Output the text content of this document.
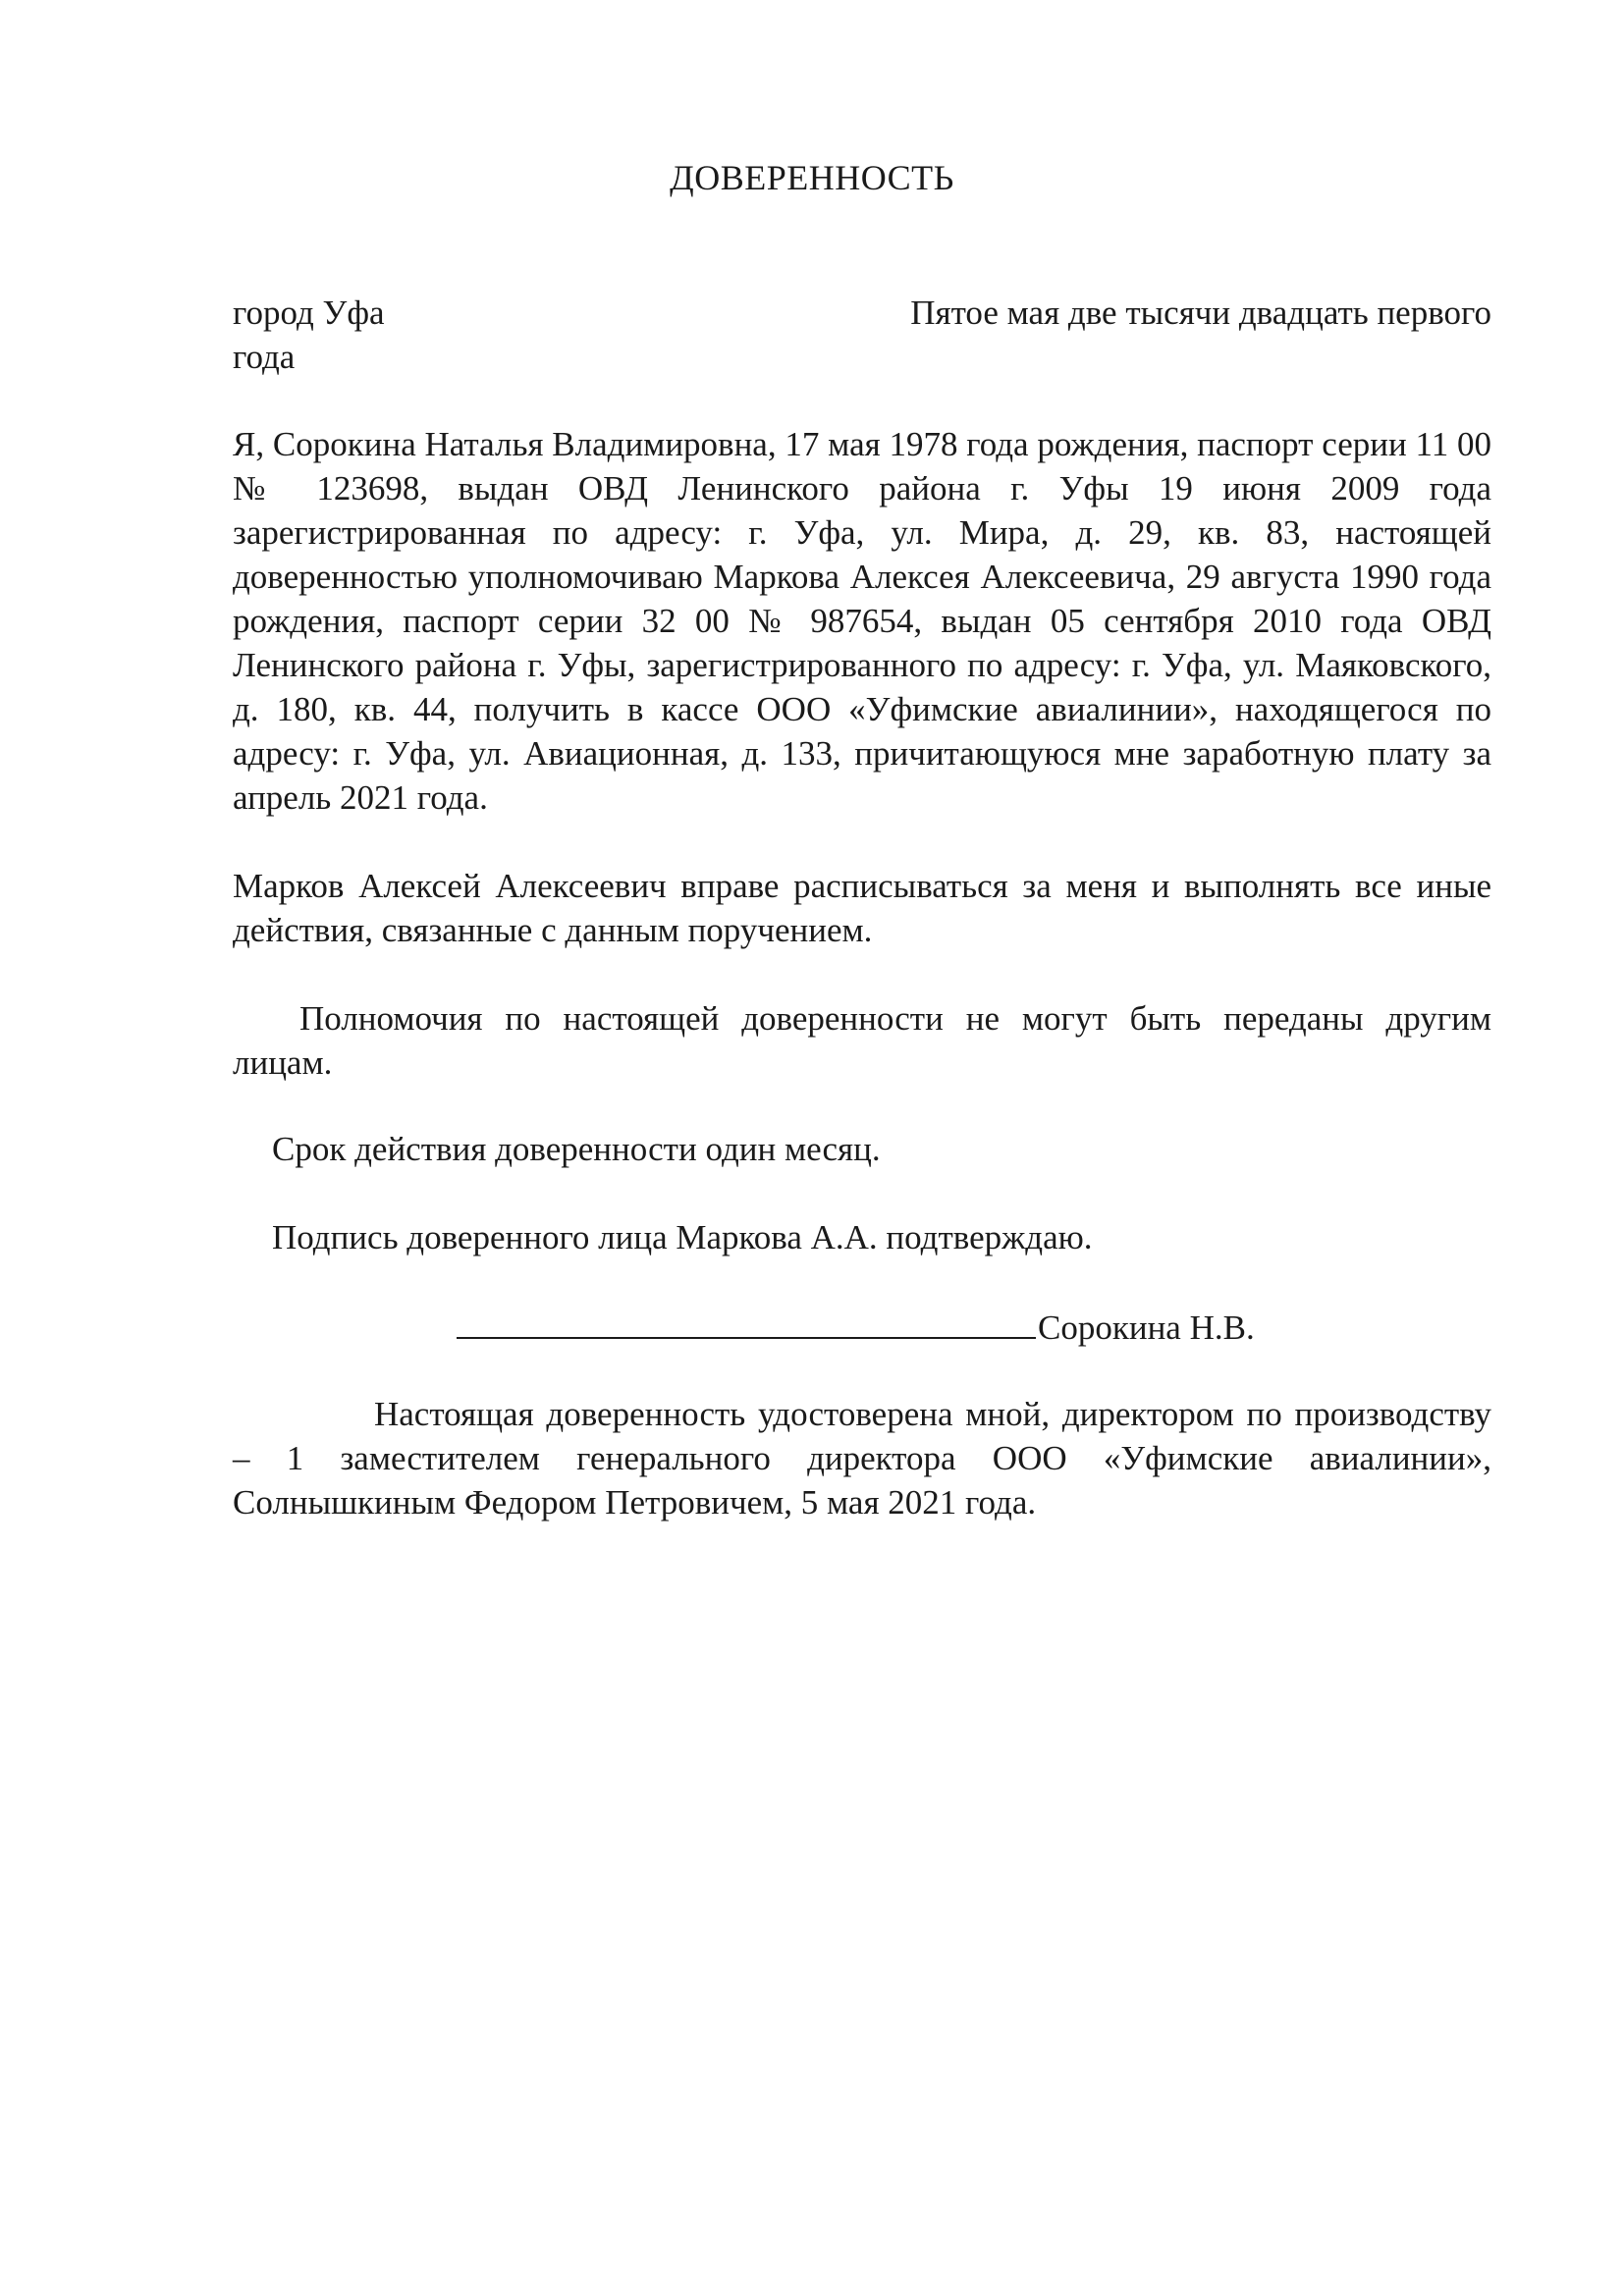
ДОВЕРЕННОСТЬ
город Уфа	Пятое мая две тысячи двадцать первого
года
Я, Сорокина Наталья Владимировна, 17 мая 1978 года рождения, паспорт серии 11 00 № 123698, выдан ОВД Ленинского района г. Уфы 19 июня 2009 года зарегистрированная по адресу: г. Уфа, ул. Мира, д. 29, кв. 83, настоящей доверенностью уполномочиваю Маркова Алексея Алексеевича, 29 августа 1990 года рождения, паспорт серии 32 00 № 987654, выдан 05 сентября 2010 года ОВД Ленинского района г. Уфы, зарегистрированного по адресу: г. Уфа, ул. Маяковского, д. 180, кв. 44, получить в кассе ООО «Уфимские авиалинии», находящегося по адресу: г. Уфа, ул. Авиационная, д. 133, причитающуюся мне заработную плату за апрель 2021 года.
Марков Алексей Алексеевич вправе расписываться за меня и выполнять все иные действия, связанные с данным поручением.
Полномочия по настоящей доверенности не могут быть переданы другим лицам.
Срок действия доверенности один месяц.
Подпись доверенного лица Маркова А.А. подтверждаю.
Сорокина Н.В.
Настоящая доверенность удостоверена мной, директором по производству – 1 заместителем генерального директора ООО «Уфимские авиалинии», Солнышкиным Федором Петровичем, 5 мая 2021 года.
